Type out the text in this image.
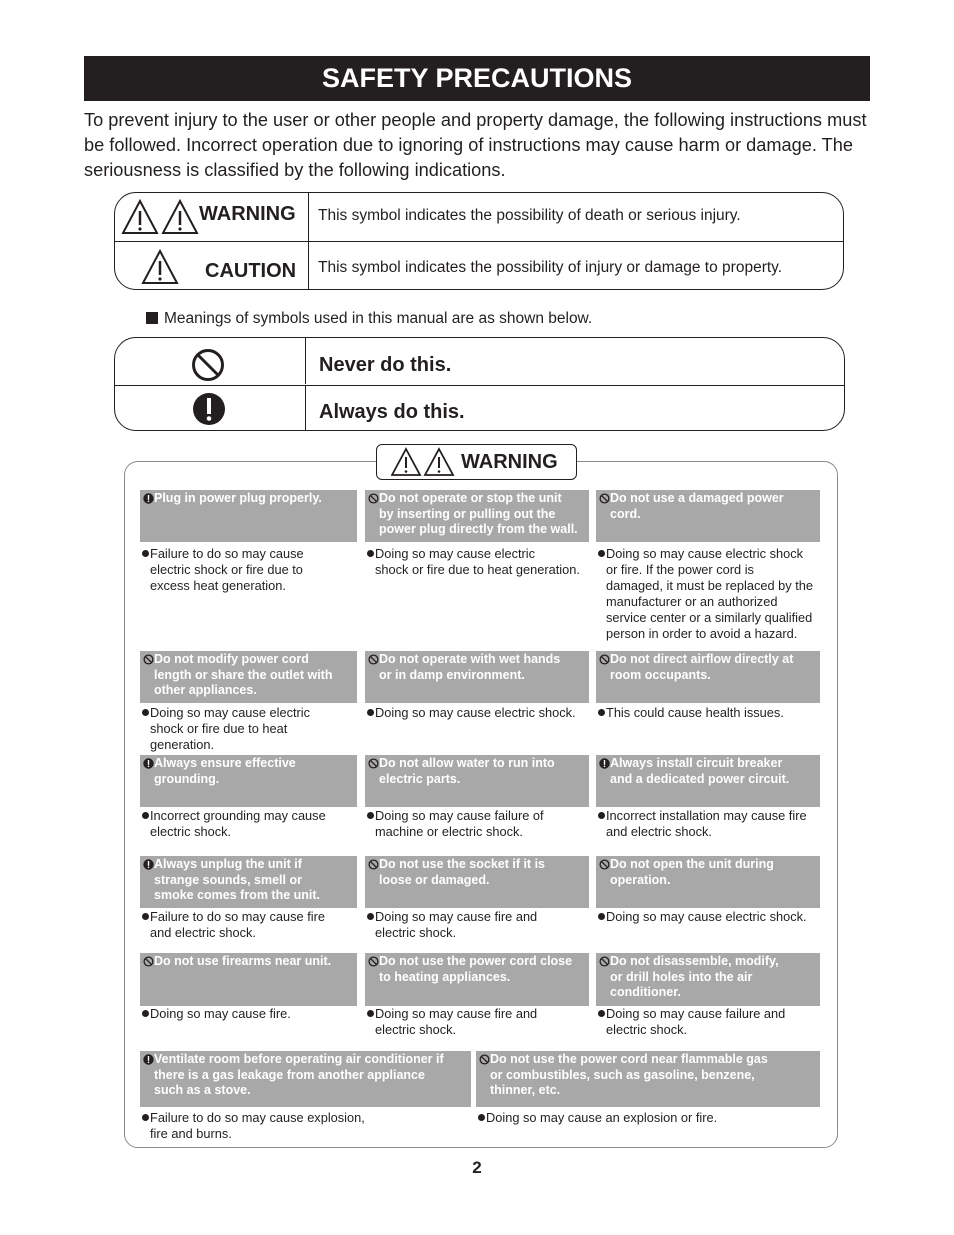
SAFETY PRECAUTIONS
To prevent injury to the user or other people and property damage, the following instructions must be followed. Incorrect operation due to ignoring of instructions may cause harm or damage. The seriousness is classified by the following indications.
WARNING This symbol indicates the possibility of death or serious injury.
CAUTION This symbol indicates the possibility of injury or damage to property.
Meanings of symbols used in this manual are as shown below.
Never do this.
Always do this.
WARNING
Plug in power plug properly.
Failure to do so may cause
electric shock or fire due to
excess heat generation.
Do not operate or stop the unit
by inserting or pulling out the
power plug directly from the wall.
Doing so may cause electric
shock or fire due to heat generation.
Do not use a damaged power
cord.
Doing so may cause electric shock
or fire. If the power cord is
damaged, it must be replaced by the
manufacturer or an authorized
service center or a similarly qualified
person in order to avoid a hazard.
Do not modify power cord
length or share the outlet with
other appliances.
Doing so may cause electric
shock or fire due to heat
generation.
Do not operate with wet hands
or in damp environment.
Doing so may cause electric shock.
Do not direct airflow directly at
room occupants.
This could cause health issues.
Always ensure effective
grounding.
Incorrect grounding may cause
electric shock.
Do not allow water to run into
electric parts.
Doing so may cause failure of
machine or electric shock.
Always install circuit breaker
and a dedicated power circuit.
Incorrect installation may cause fire
and electric shock.
Always unplug the unit if
strange sounds, smell or
smoke comes from the unit.
Failure to do so may cause fire
and electric shock.
Do not use the socket if it is
loose or damaged.
Doing so may cause fire and
electric shock.
Do not open the unit during
operation.
Doing so may cause electric shock.
Do not use firearms near unit.
Doing so may cause fire.
Do not use the power cord close
to heating appliances.
Doing so may cause fire and
electric shock.
Do not disassemble, modify,
or drill holes into the air
conditioner.
Doing so may cause failure and
electric shock.
Ventilate room before operating air conditioner if
there is a gas leakage from another appliance
such as a stove.
Failure to do so may cause explosion,
fire and burns.
Do not use the power cord near flammable gas
or combustibles, such as gasoline, benzene,
thinner, etc.
Doing so may cause an explosion or fire.
2
